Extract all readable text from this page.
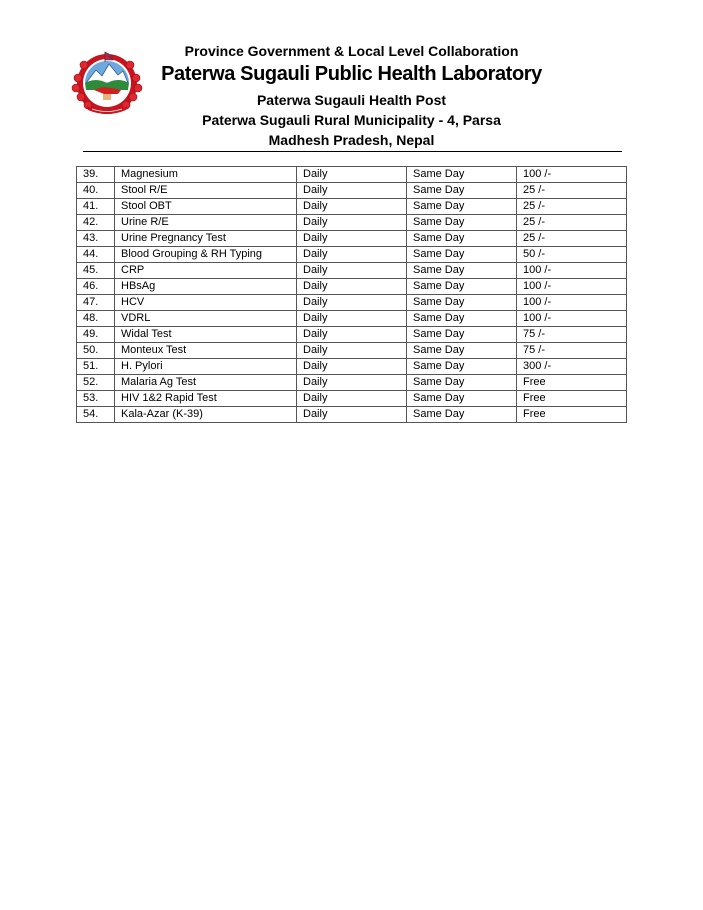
Province Government & Local Level Collaboration
Paterwa Sugauli Public Health Laboratory
Paterwa Sugauli Health Post
Paterwa Sugauli Rural Municipality - 4, Parsa
Madhesh Pradesh, Nepal
39.	Magnesium	Daily	Same Day	100 /-
40.	Stool R/E	Daily	Same Day	25 /-
41.	Stool OBT	Daily	Same Day	25 /-
42.	Urine R/E	Daily	Same Day	25 /-
43.	Urine Pregnancy Test	Daily	Same Day	25 /-
44.	Blood Grouping & RH Typing	Daily	Same Day	50 /-
45.	CRP	Daily	Same Day	100 /-
46.	HBsAg	Daily	Same Day	100 /-
47.	HCV	Daily	Same Day	100 /-
48.	VDRL	Daily	Same Day	100 /-
49.	Widal Test	Daily	Same Day	75 /-
50.	Monteux Test	Daily	Same Day	75 /-
51.	H. Pylori	Daily	Same Day	300 /-
52.	Malaria Ag Test	Daily	Same Day	Free
53.	HIV 1&2 Rapid Test	Daily	Same Day	Free
54.	Kala-Azar (K-39)	Daily	Same Day	Free
